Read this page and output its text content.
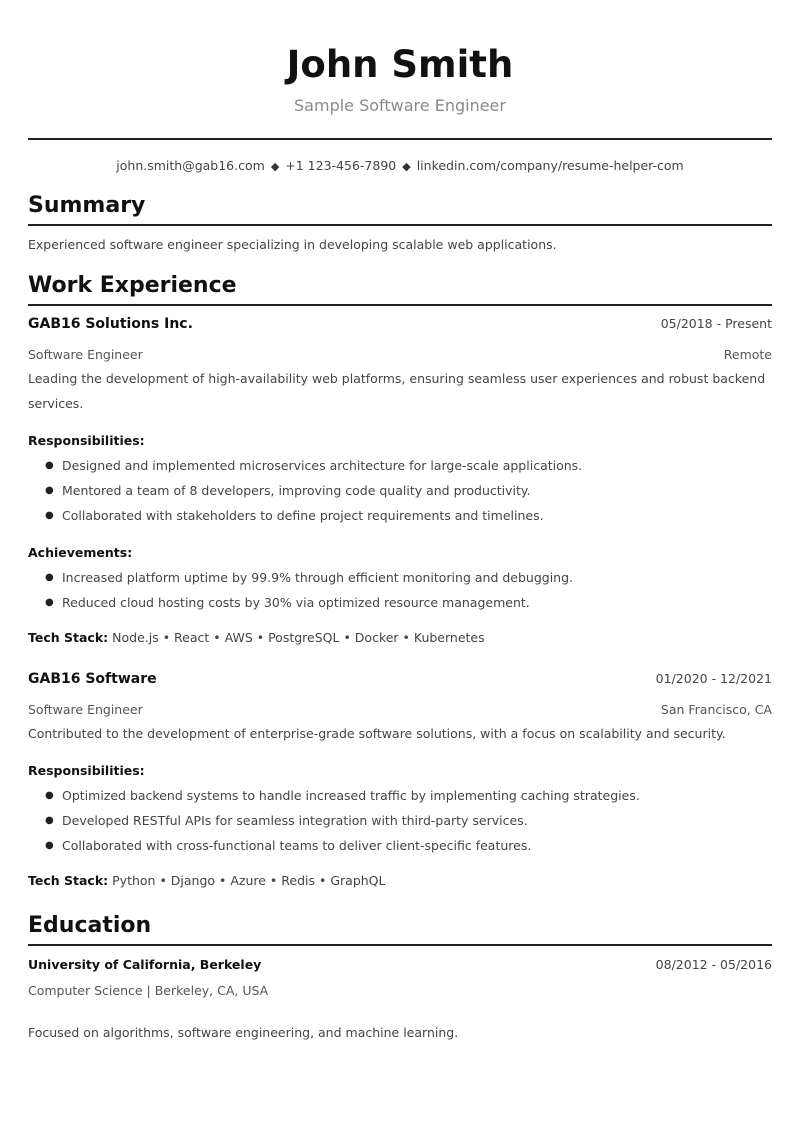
John Smith
Sample Software Engineer
john.smith@gab16.com ◆ +1 123-456-7890 ◆ linkedin.com/company/resume-helper-com
Summary
Experienced software engineer specializing in developing scalable web applications.
Work Experience
GAB16 Solutions Inc.	05/2018 - Present
Software Engineer	Remote
Leading the development of high-availability web platforms, ensuring seamless user experiences and robust backend services.
Responsibilities:
● Designed and implemented microservices architecture for large-scale applications.
● Mentored a team of 8 developers, improving code quality and productivity.
● Collaborated with stakeholders to define project requirements and timelines.
Achievements:
● Increased platform uptime by 99.9% through efficient monitoring and debugging.
● Reduced cloud hosting costs by 30% via optimized resource management.
Tech Stack: Node.js • React • AWS • PostgreSQL • Docker • Kubernetes
GAB16 Software	01/2020 - 12/2021
Software Engineer	San Francisco, CA
Contributed to the development of enterprise-grade software solutions, with a focus on scalability and security.
Responsibilities:
● Optimized backend systems to handle increased traffic by implementing caching strategies.
● Developed RESTful APIs for seamless integration with third-party services.
● Collaborated with cross-functional teams to deliver client-specific features.
Tech Stack: Python • Django • Azure • Redis • GraphQL
Education
University of California, Berkeley	08/2012 - 05/2016
Computer Science | Berkeley, CA, USA
Focused on algorithms, software engineering, and machine learning.
